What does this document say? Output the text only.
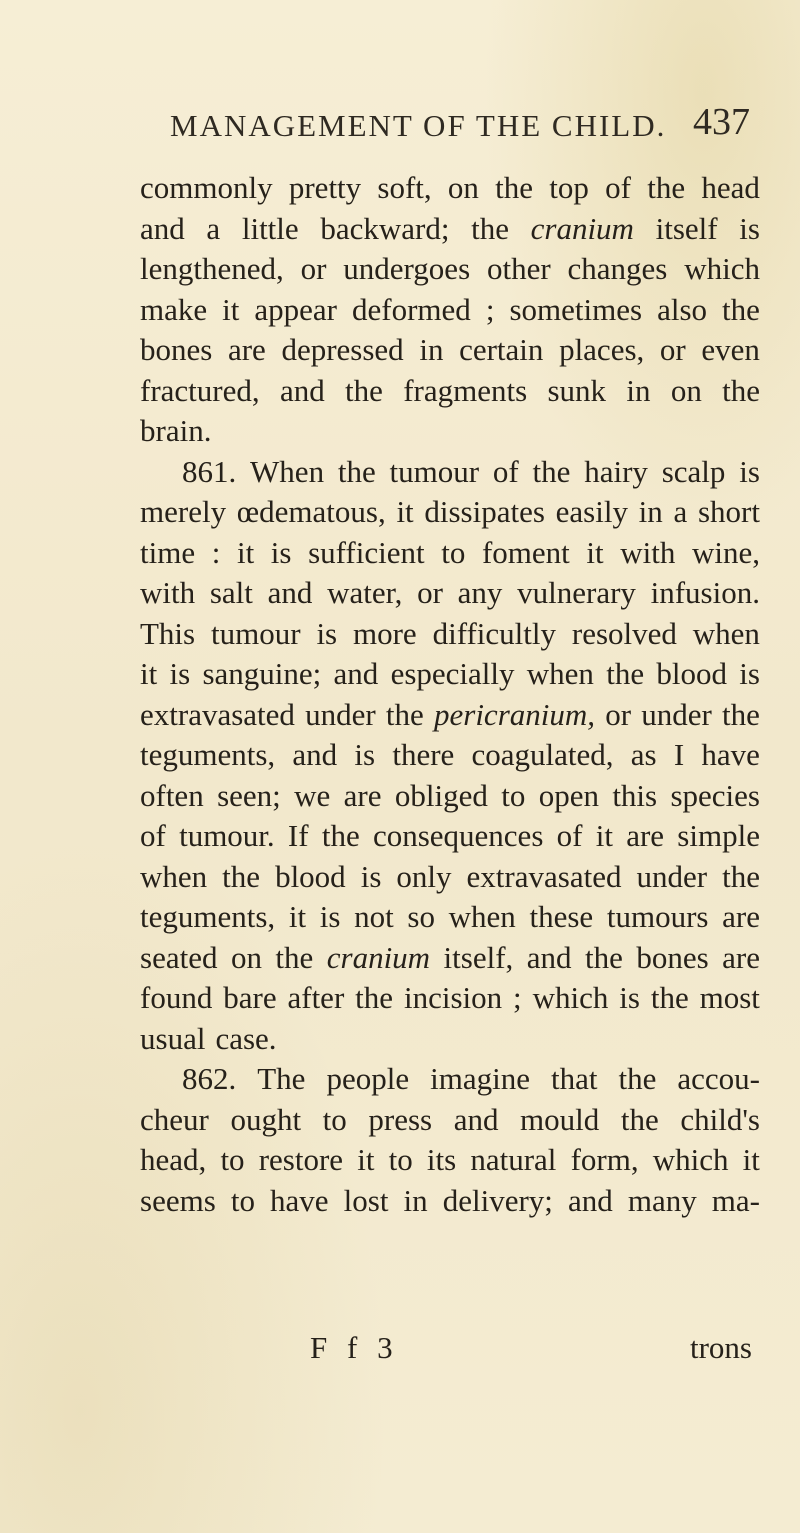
MANAGEMENT OF THE CHILD. 437
commonly pretty soft, on the top of the head
and a little backward; the cranium itself is
lengthened, or undergoes other changes which
make it appear deformed ; sometimes also the
bones are depressed in certain places, or even
fractured, and the fragments sunk in on the
brain.
861. When the tumour of the hairy scalp is
merely œdematous, it dissipates easily in a short
time : it is sufficient to foment it with wine,
with salt and water, or any vulnerary infusion.
This tumour is more difficultly resolved when
it is sanguine; and especially when the blood is
extravasated under the pericranium, or under the
teguments, and is there coagulated, as I have
often seen; we are obliged to open this species
of tumour. If the consequences of it are simple
when the blood is only extravasated under the
teguments, it is not so when these tumours are
seated on the cranium itself, and the bones are
found bare after the incision ; which is the most
usual case.
862. The people imagine that the accou-
cheur ought to press and mould the child's
head, to restore it to its natural form, which it
seems to have lost in delivery; and many ma-
F f 3	trons
